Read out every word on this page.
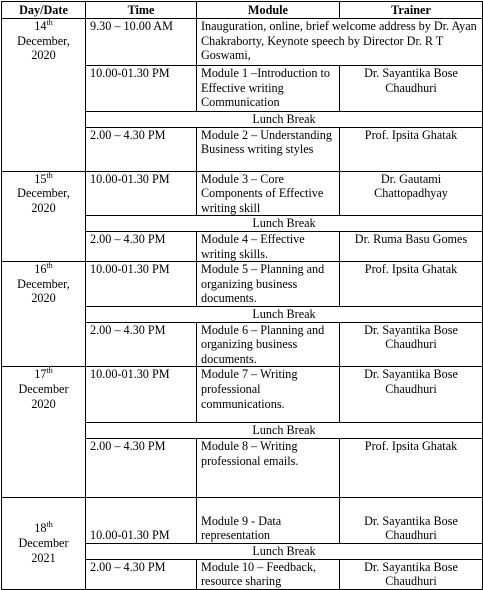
Day/Date	Time	Module	Trainer

14th
December,
2020	9.30 – 10.00 AM	Inauguration, online, brief welcome address by Dr. Ayan Chakraborty, Keynote speech by Director Dr. R T Goswami,	
	10.00-01.30 PM	Module 1 –Introduction to Effective writing Communication	Dr. Sayantika Bose Chaudhuri
	Lunch Break		
	2.00 – 4.30 PM	Module 2 – Understanding Business writing styles	Prof. Ipsita Ghatak

15th
December,
2020	10.00-01.30 PM	Module 3 – Core Components of Effective writing skill	Dr. Gautami Chattopadhyay
	Lunch Break		
	2.00 – 4.30 PM	Module 4 – Effective writing skills.	Dr. Ruma Basu Gomes

16th
December,
2020	10.00-01.30 PM	Module 5 – Planning and organizing business documents.	Prof. Ipsita Ghatak
	Lunch Break		
	2.00 – 4.30 PM	Module 6 – Planning and organizing business documents.	Dr. Sayantika Bose Chaudhuri

17th
December
2020	10.00-01.30 PM	Module 7 – Writing professional communications.	Dr. Sayantika Bose Chaudhuri
	Lunch Break		
	2.00 – 4.30 PM	Module 8 – Writing professional emails.	Prof. Ipsita Ghatak

18th
December
2021	10.00-01.30 PM	Module 9 - Data representation	Dr. Sayantika Bose Chaudhuri
	Lunch Break		
	2.00 – 4.30 PM	Module 10 – Feedback, resource sharing	Dr. Sayantika Bose Chaudhuri
